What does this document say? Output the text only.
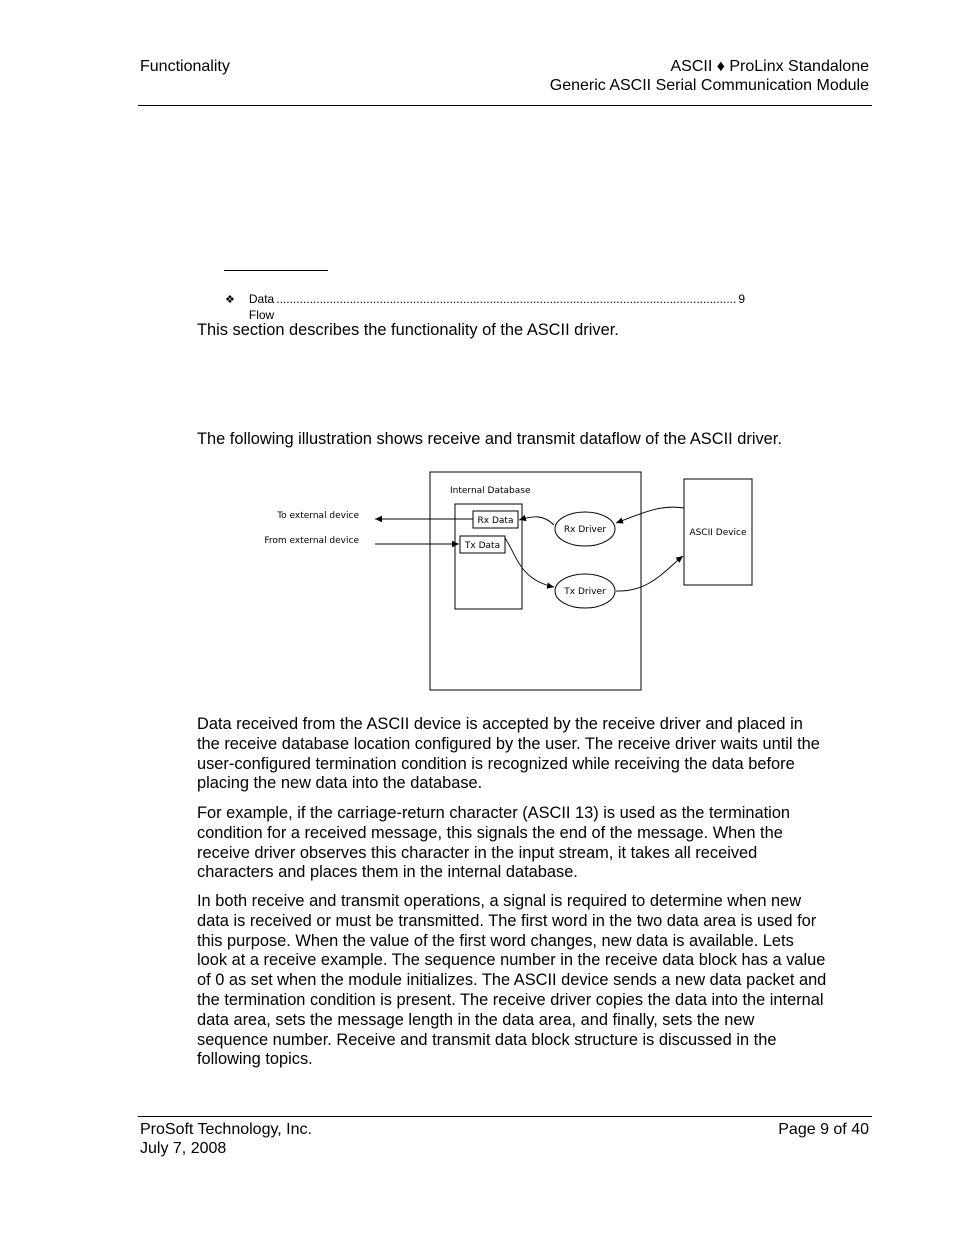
Functionality	ASCII ♦ ProLinx Standalone
Generic ASCII Serial Communication Module
❖ Data Flow
.......................................................................................................................................... 9
This section describes the functionality of the ASCII driver.
The following illustration shows receive and transmit dataflow of the ASCII driver.
Internal Database
Rx Data
Tx Data
Rx Driver
Tx Driver
ASCII Device
To external device
From external device
Data received from the ASCII device is accepted by the receive driver and placed in the receive database location configured by the user. The receive driver waits until the user-configured termination condition is recognized while receiving the data before placing the new data into the database.
For example, if the carriage-return character (ASCII 13) is used as the termination condition for a received message, this signals the end of the message. When the receive driver observes this character in the input stream, it takes all received characters and places them in the internal database.
In both receive and transmit operations, a signal is required to determine when new data is received or must be transmitted. The first word in the two data area is used for this purpose. When the value of the first word changes, new data is available. Lets look at a receive example. The sequence number in the receive data block has a value of 0 as set when the module initializes. The ASCII device sends a new data packet and the termination condition is present. The receive driver copies the data into the internal data area, sets the message length in the data area, and finally, sets the new sequence number. Receive and transmit data block structure is discussed in the following topics.
ProSoft Technology, Inc.
July 7, 2008
Page 9 of 40
